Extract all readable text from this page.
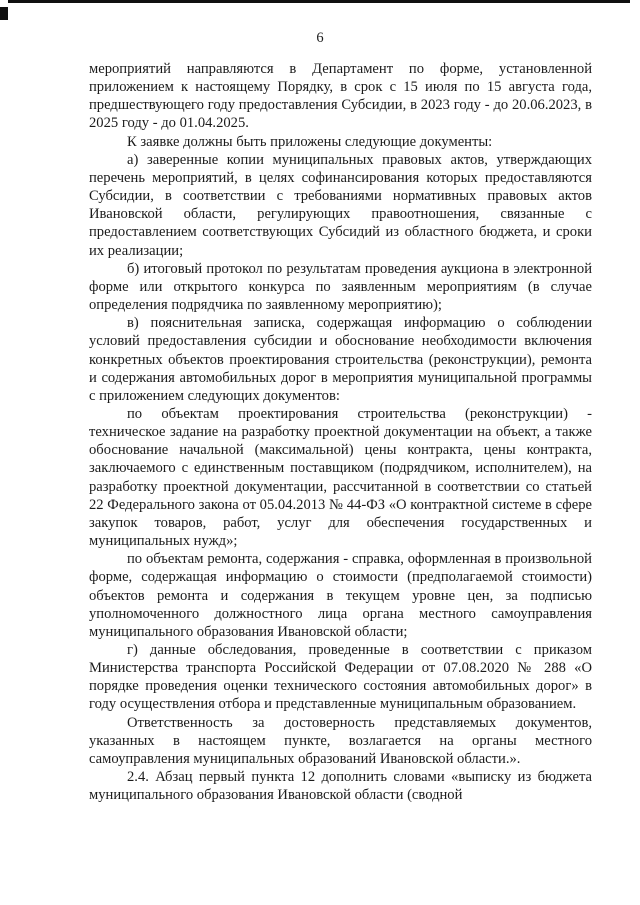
6

мероприятий направляются в Департамент по форме, установленной приложением к настоящему Порядку, в срок с 15 июля по 15 августа года, предшествующего году предоставления Субсидии, в 2023 году - до 20.06.2023, в 2025 году - до 01.04.2025.

К заявке должны быть приложены следующие документы:

а) заверенные копии муниципальных правовых актов, утверждающих перечень мероприятий, в целях софинансирования которых предоставляются Субсидии, в соответствии с требованиями нормативных правовых актов Ивановской области, регулирующих правоотношения, связанные с предоставлением соответствующих Субсидий из областного бюджета, и сроки их реализации;

б) итоговый протокол по результатам проведения аукциона в электронной форме или открытого конкурса по заявленным мероприятиям (в случае определения подрядчика по заявленному мероприятию);

в) пояснительная записка, содержащая информацию о соблюдении условий предоставления субсидии и обоснование необходимости включения конкретных объектов проектирования строительства (реконструкции), ремонта и содержания автомобильных дорог в мероприятия муниципальной программы с приложением следующих документов:

по объектам проектирования строительства (реконструкции) - техническое задание на разработку проектной документации на объект, а также обоснование начальной (максимальной) цены контракта, цены контракта, заключаемого с единственным поставщиком (подрядчиком, исполнителем), на разработку проектной документации, рассчитанной в соответствии со статьей 22 Федерального закона от 05.04.2013 № 44-ФЗ «О контрактной системе в сфере закупок товаров, работ, услуг для обеспечения государственных и муниципальных нужд»;

по объектам ремонта, содержания - справка, оформленная в произвольной форме, содержащая информацию о стоимости (предполагаемой стоимости) объектов ремонта и содержания в текущем уровне цен, за подписью уполномоченного должностного лица органа местного самоуправления муниципального образования Ивановской области;

г) данные обследования, проведенные в соответствии с приказом Министерства транспорта Российской Федерации от 07.08.2020 № 288 «О порядке проведения оценки технического состояния автомобильных дорог» в году осуществления отбора и представленные муниципальным образованием.

Ответственность за достоверность представляемых документов, указанных в настоящем пункте, возлагается на органы местного самоуправления муниципальных образований Ивановской области.».

2.4. Абзац первый пункта 12 дополнить словами «выписку из бюджета муниципального образования Ивановской области (сводной
